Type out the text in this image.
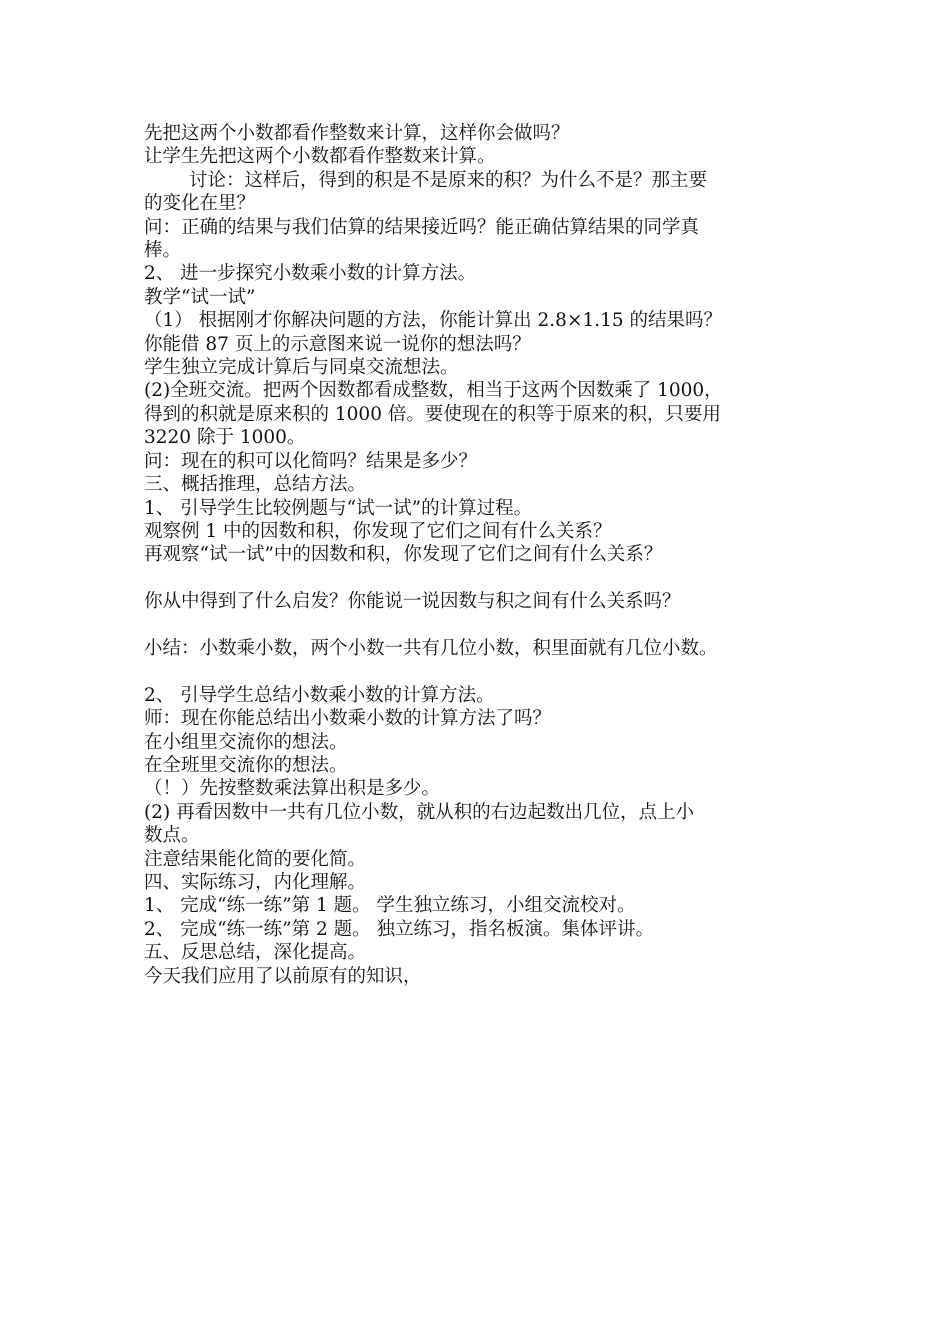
先把这两个小数都看作整数来计算，这样你会做吗？

让学生先把这两个小数都看作整数来计算。

讨论：这样后，得到的积是不是原来的积？为什么不是？那主要

的变化在里？

问：正确的结果与我们估算的结果接近吗？能正确估算结果的同学真

棒。

2、 进一步探究小数乘小数的计算方法。

教学“试一试”

（1） 根据刚才你解决问题的方法，你能计算出 2.8×1.15 的结果吗？

你能借 87 页上的示意图来说一说你的想法吗？

学生独立完成计算后与同桌交流想法。

(2)全班交流。把两个因数都看成整数，相当于这两个因数乘了 1000，

得到的积就是原来积的 1000 倍。要使现在的积等于原来的积，只要用

3220 除于 1000。

问：现在的积可以化简吗？结果是多少？

三、概括推理，总结方法。

1、 引导学生比较例题与“试一试”的计算过程。

观察例 1 中的因数和积，你发现了它们之间有什么关系？

再观察“试一试”中的因数和积，你发现了它们之间有什么关系？

你从中得到了什么启发？你能说一说因数与积之间有什么关系吗？

小结：小数乘小数，两个小数一共有几位小数，积里面就有几位小数。

2、 引导学生总结小数乘小数的计算方法。

师：现在你能总结出小数乘小数的计算方法了吗？

在小组里交流你的想法。

在全班里交流你的想法。

（！）先按整数乘法算出积是多少。

(2) 再看因数中一共有几位小数，就从积的右边起数出几位，点上小

数点。

注意结果能化简的要化简。

四、实际练习，内化理解。

1、 完成“练一练”第 1 题。 学生独立练习，小组交流校对。

2、 完成“练一练”第 2 题。 独立练习，指名板演。集体评讲。

五、反思总结，深化提高。

今天我们应用了以前原有的知识，
